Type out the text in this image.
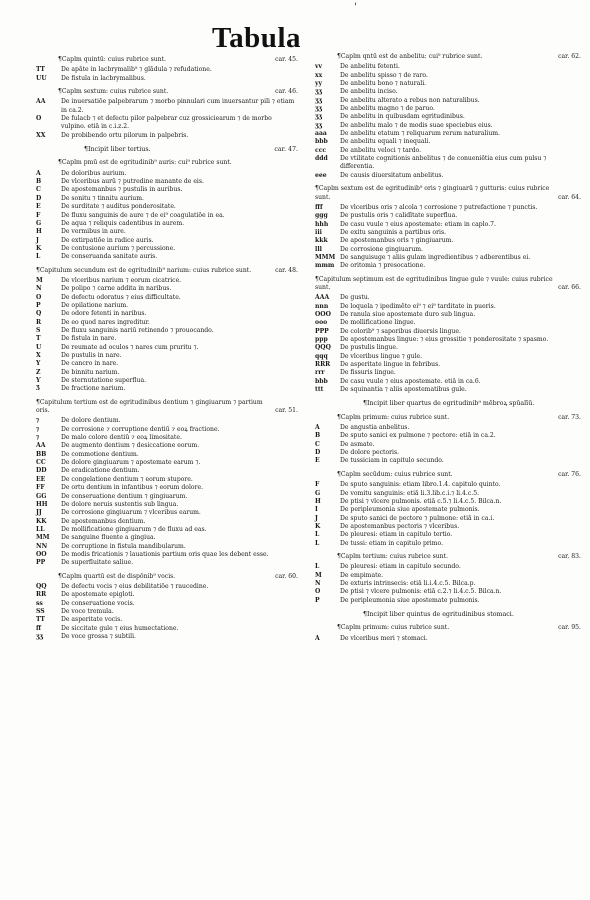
'
Tabula
¶Caplm quintū: cuius rubrice sunt.	car. 45.
TT	De apāte in lacbrymalib⁹ ⁊ glādula ⁊ refudatione.
UU	De fistula in lacbrymalibus.
¶Caplm sextum: cuius rubrice sunt.	car. 46.
AA	De inuersatiōe palpebrarum ⁊ morbo pinnulari cum inuersantur pili ⁊ etiam in ca.2.
O	De fulacb ⁊ et defectu pilor palpebrar cuz grossiciearum ⁊ de morbo vulpino. etiā in c.i.z.2.
XX	De probibendo ortu pilorum in palpebris.
¶Incipit liber tertius.	car. 47.
¶Caplm pmū est de egritudinib⁹ auris: cui⁹ rubrice sunt.
A	De doloribus aurium.
B	De vlceribus aurū ⁊ putredine manante de eis.
C	De apostemanbus ⁊ pustulis in auribus.
D	De sonitu ⁊ tinnitu aurium.
E	De surditate ⁊ auditus ponderositate.
F	De fluxu sanguinis de aure ⁊ de ei⁹ coagulatiōe in ea.
G	De aqua ⁊ reliquis cadentibus in aurem.
H	De vermibus in aure.
J	De extirpatiōe in radice auris.
K	De contusione aurium ⁊ percussione.
L	De conseruanda sanitate auris.
¶Capitulum secundum est de egritudinib⁹ narium: cuius rubrice sunt.	car. 48.
M	De vlceribus narium ⁊ eorum cicatrice.
N	De polipo ⁊ carne addita in naribus.
O	De defectu odoratus ⁊ eius difficultate.
P	De opilatione narium.
Q	De odore fetenti in naribus.
R	De eo quod nares ingreditur.
S	De fluxu sanguinis nariū retinendo ⁊ prouocando.
T	De fistula in nare.
U	De reumate ad oculos ⁊ nares cum pruritu ⁊.
X	De pustulis in nare.
Y	De cancro in nare.
Z	De binnitu narium.
Ƴ	De sternutatione superflua.
Ʒ	De fractione narium.
¶Capitulum tertium est de egritudinibus dentium ⁊ gingiuarum ⁊ partium oris.	car. 51.
⁊	De dolore dentium.
⁊	De corrosione ⁊ corruptione dentiū ⁊ eoꝝ fractione.
⁊	De malo colore dentiū ⁊ eoꝝ limositate.
AA	De augmento dentium ⁊ desiccatione eorum.
BB	De commotione dentium.
CC	De dolore gingiuarum ⁊ apostemate earum ⁊.
DD	De eradicatione dentium.
EE	De congelatione dentium ⁊ eorum stupore.
FF	De ortu dentium in infantibus ⁊ eorum dolore.
GG	De conseruatione dentium ⁊ gingiuarum.
HH	De dolore neruis sustentis sub lingua.
JJ	De corrosione gingiuarum ⁊ vlceribus earum.
KK	De apostemanbus dentium.
LL	De mollificatione gingiuarum ⁊ de fluxu ad eas.
MM	De sanguine fluente a gingiua.
NN	De corruptione in fistula mandibularum.
OO	De modis fricationis ⁊ lauationis partium oris quae les debent esse.
PP	De superfluitate saliue.
¶Caplm quartū est de dispōnib⁹ vocis.	car. 60.
QQ	De defectu vocis ⁊ eius debilitatiōe ⁊ raucedine.
RR	De apostemate epigloti.
ss	De conseruatione vocis.
SS	De voce tremula.
TT	De asperitate vocis.
ff	De siccitate gule ⁊ eius humectatione.
ʒʒ	De voce grossa ⁊ subtili.
¶Caplm qntū est de anbelitu: cui⁹ rubrice sunt.	car. 62.
vv	De anbelitu fetenti.
xx	De anbelitu spisso ⁊ de raro.
yy	De anbelitu bono ⁊ naturali.
ʒʒ	De anbelitu inciso.
ʒʒ	De anbelitu alterato a rebus non naturalibus.
ʒʒ	De anbelitu magno ⁊ de paruo.
ʒʒ	De anbelitu in quibusdam egritudinibus.
ʒʒ	De anbelitu malo ⁊ de modis suae speciebus eius.
aaa	De anbelitu etatum ⁊ reliquarum rerum naturalium.
bbb	De anbelitu equali ⁊ inequali.
ccc	De anbelitu veloci ⁊ tardo.
ddd	De vtilitate cognitionis anbelitus ⁊ de conueniētia eius cum pulsu ⁊ differentia.
eee	De causis diuersitatum anbelitus.
¶Caplm sextum est de egritudinib⁹ oris ⁊ gingiuarū ⁊ gutturis: cuius rubrice sunt.	car. 64.
fff	De vlceribus oris ⁊ alcola ⁊ corrosione ⁊ putrefactione ⁊ punctis.
ggg	De pustulis oris ⁊ calidītate superflua.
hhh	De casu vuule ⁊ eius apostemate: etiam in caplo.7.
iii	De exitu sanguinis a partibus oris.
kkk	De apostemanbus oris ⁊ gingiuarum.
lll	De corrosione gingiuarum.
MMM De sanguisuge ⁊ aliis gulam ingredientibus ⁊ adberentibus ei.
mmm De oritomia ⁊ presocatione.
¶Capitulum septimum est de egritudinibus lingue gule ⁊ vuule: cuius rubrice sunt.	car. 66.
AAA	De gustu.
nnn	De loquela ⁊ ipedimēto ei⁹ ⁊ ei⁹ tarditate in pueris.
OOO	De ranula siue apostemate duro sub lingua.
ooo	De mollificatione lingue.
PPP	De colorib⁹ ⁊ saporibus diuersis lingue.
ppp	De apostemanbus lingue: ⁊ eius grossitie ⁊ ponderositate ⁊ spasmo.
QQQ	De pustulis lingue.
qqq	De vlceribus lingue ⁊ gule.
RRR	De asperitate lingue in febribus.
rrr	De fissuris lingue.
bbb	De casu vuule ⁊ eius apostemate. etiā in ca.6.
ttt	De squinantia ⁊ aliis apostematibus gule.
¶Incipit liber quartus de egritudinib⁹ mēbroꝝ spūalīū.
¶Caplm primum: cuius rubrice sunt.	car. 73.
A	De angustia anbelitus.
B	De sputo sanici ex pulmone ⁊ pectore: etiā in ca.2.
C	De asmate.
D	De dolore pectoris.
E	De tussiciam in capitulo secundo.
¶Caplm secūdum: cuius rubrice sunt.	car. 76.
F	De sputo sanguinis: etiam libro.1.4. capitulo quinto.
G	De vomitu sanguinis: etiā li.3.lib.c.i.⁊ li.4.c.5.
H	De ptisi ⁊ vlcere pulmonis. etiā c.5.⁊ li.4.c.5. Bilca.n.
I	De peripleumonia siue apostemate pulmonis.
J	De sputo sanici de pectore ⁊ pulmone: etiā in ca.i.
K	De apostemanbus pectoris ⁊ vlceribus.
L	De pleuresi: etiam in capitulo tertio.
L	De tussi: etiam in capitulo primo.
¶Caplm tertium: cuius rubrice sunt.	car. 83.
L	De pleuresi: etiam in capitulo secundo.
M	De empimate.
N	De exturis intrinsecis: etiā li.i.4.c.5. Bilca.p.
O	De ptisi ⁊ vlcere pulmonis: etiā c.2.⁊ li.4.c.5. Bilca.n.
P	De peripleumonia siue apostemate pulmonis.
¶Incipit liber quintus de egritudinibus stomaci.
¶Caplm primum: cuius rubrice sunt.	car. 95.
A	De vlceribus meri ⁊ stomaci.
